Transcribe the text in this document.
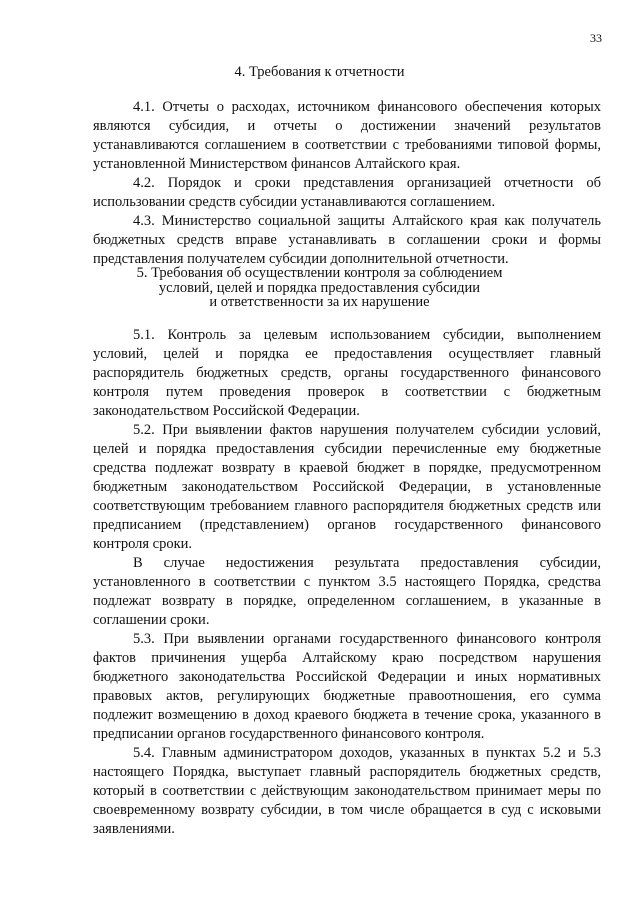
33
4. Требования к отчетности

4.1. Отчеты о расходах, источником финансового обеспечения которых являются субсидия, и отчеты о достижении значений результатов устанавливаются соглашением в соответствии с требованиями типовой формы, установленной Министерством финансов Алтайского края.

4.2. Порядок и сроки представления организацией отчетности об использовании средств субсидии устанавливаются соглашением.

4.3. Министерство социальной защиты Алтайского края как получатель бюджетных средств вправе устанавливать в соглашении сроки и формы представления получателем субсидии дополнительной отчетности.

5. Требования об осуществлении контроля за соблюдением
условий, целей и порядка предоставления субсидии
и ответственности за их нарушение

5.1. Контроль за целевым использованием субсидии, выполнением условий, целей и порядка ее предоставления осуществляет главный распорядитель бюджетных средств, органы государственного финансового контроля путем проведения проверок в соответствии с бюджетным законодательством Российской Федерации.

5.2. При выявлении фактов нарушения получателем субсидии условий, целей и порядка предоставления субсидии перечисленные ему бюджетные средства подлежат возврату в краевой бюджет в порядке, предусмотренном бюджетным законодательством Российской Федерации, в установленные соответствующим требованием главного распорядителя бюджетных средств или предписанием (представлением) органов государственного финансового контроля сроки.

В случае недостижения результата предоставления субсидии, установленного в соответствии с пунктом 3.5 настоящего Порядка, средства подлежат возврату в порядке, определенном соглашением, в указанные в соглашении сроки.

5.3. При выявлении органами государственного финансового контроля фактов причинения ущерба Алтайскому краю посредством нарушения бюджетного законодательства Российской Федерации и иных нормативных правовых актов, регулирующих бюджетные правоотношения, его сумма подлежит возмещению в доход краевого бюджета в течение срока, указанного в предписании органов государственного финансового контроля.

5.4. Главным администратором доходов, указанных в пунктах 5.2 и 5.3 настоящего Порядка, выступает главный распорядитель бюджетных средств, который в соответствии с действующим законодательством принимает меры по своевременному возврату субсидии, в том числе обращается в суд с исковыми заявлениями.
